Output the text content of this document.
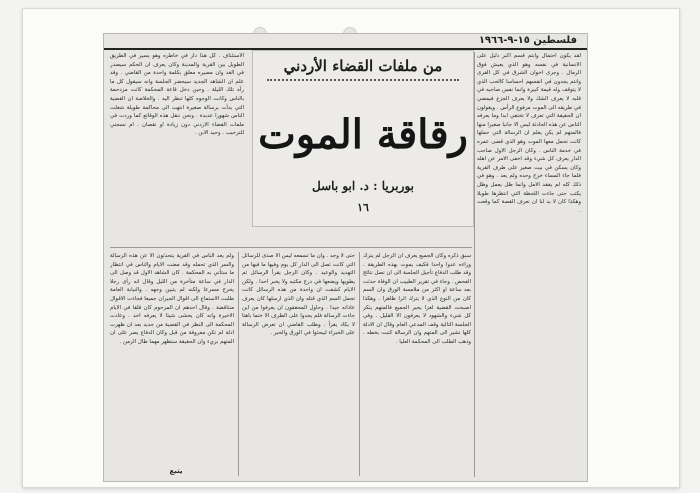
فلسطين ١٥-٩-١٩٦٦

لقد يكون احتمال وانتم قسم اكبر دليل على الانسانية في نفسه وهو الذي يعيش فوق الرمال . وجرى اخوان الشرق في كل القرى وانتم يجدون في انفسهم احساسا كالحب الذي لا يتوقف وله قيمة كبيرة وانما نفس صاحبه في قلبه لا يعرف الشك ولا يعرف الجزع فيمضي في طريقه الى الموت مرفوع الرأس . ويقولون ان الحقيقة التي تعرف لا تختفي ابدا وما يعرفه الناس عن هذه الحادثة ليس الا جانبا صغيرا منها فالمتهم لم يكن يعلم ان الرسالة التي حملها كانت تحمل معها الموت وهو الذي قضى عمره في خدمة الناس . وكان الرجل الاول صاحب الدار يعرف كل شيء وقد اخفى الامر عن اهله وكان يسكن في بيت صغير على طرف القرية فلما جاء المساء خرج وحده ولم يعد . وهو في ذلك كله لم يفقد الامل وانما ظل يعمل وظل يكتب حتى جاءت اللحظة التي انتظرها طويلا وهكذا كان لا بد لنا ان نعرف القصة كما وقعت .

من ملفات القضاء الأردني
رقاقة الموت
بوربريا : د. ابو باسل
١٦

الاستئناف . كل هذا دار في خاطره وهو يسير في الطريق الطويل بين القرية والمدينة وكان يعرف ان الحكم سيصدر في الغد وان مصيره معلق بكلمة واحدة من القاضي . وقد علم ان الشاهد الجديد سيحضر الجلسة وانه سيقول كل ما رآه تلك الليلة . وحين دخل قاعة المحكمة كانت مزدحمة بالناس وكانت الوجوه كلها تنظر اليه . والخلاصة ان القضية التي بدأت برسالة صغيرة انتهت الى محاكمة طويلة شغلت الناس شهورا عديدة . ونحن ننقل هذه الوقائع كما وردت في ملفات القضاء الاردني دون زيادة او نقصان . ام نسجني للترحيب . وحيد الابن .

سبق ذكره وكان الجميع يعرف ان الرجل لم يترك وراءه عدوا واحدا فكيف يموت بهذه الطريقة . وقد طلب الدفاع تأجيل الجلسة الى ان تصل نتائج الفحص . وجاء في تقرير الطبيب ان الوفاة حدثت بعد ساعة او اكثر من ملامسة الورق وان السم كان من النوع الذي لا يترك اثرا ظاهرا . وهكذا اصبحت القضية لغزا يحير الجميع فالمتهم ينكر كل شيء والشهود لا يعرفون الا القليل . وفي الجلسة التالية وقف المدعي العام وقال ان الادلة كلها تشير الى المتهم وان الرسالة كتبت بخطه . وذهب الطلب الى المحكمة العليا .

حتى لا وجد . وان ما تسمعه ليس الا صدى للرسائل التي كانت تصل الى الدار كل يوم وفيها ما فيها من التهديد والوعيد . وكان الرجل يقرأ الرسائل ثم يطويها ويضعها في درج مكتبه ولا يخبر احدا . ولكن الايام كشفت ان واحدة من هذه الرسائل كانت تحمل السم الذي قتله وان الذي ارسلها كان يعرف عاداته جيدا . وحاول المحققون ان يعرفوا من اين جاءت الرسالة فلم يجدوا على الظرف الا ختما باهتا لا يكاد يقرأ . وطلب القاضي ان تعرض الرسالة على الخبراء ليبحثوا في الورق والحبر .

ولم يعد الناس في القرية يتحدثون الا عن هذه الرسالة والسر الذي تحمله وقد مضت الايام والناس في انتظار ما ستأتي به المحكمة . كان الشاهد الاول قد وصل الى الدار في ساعة متأخرة من الليل وقال انه رأى رجلا يخرج مسرعا ولكنه لم يتبين وجهه . والنيابة العامة طلبت الاستماع الى اقوال الجيران جميعا فجاءت الاقوال متناقضة . وقال احدهم ان المرحوم كان قلقا في الايام الاخيرة وانه كان يخشى شيئا لا يعرفه احد . وعادت المحكمة الى النظر في القضية من جديد بعد ان ظهرت ادلة لم تكن معروفة من قبل وكان الدفاع يصر على ان المتهم بريء وان الحقيقة ستظهر مهما طال الزمن .

يتبع
